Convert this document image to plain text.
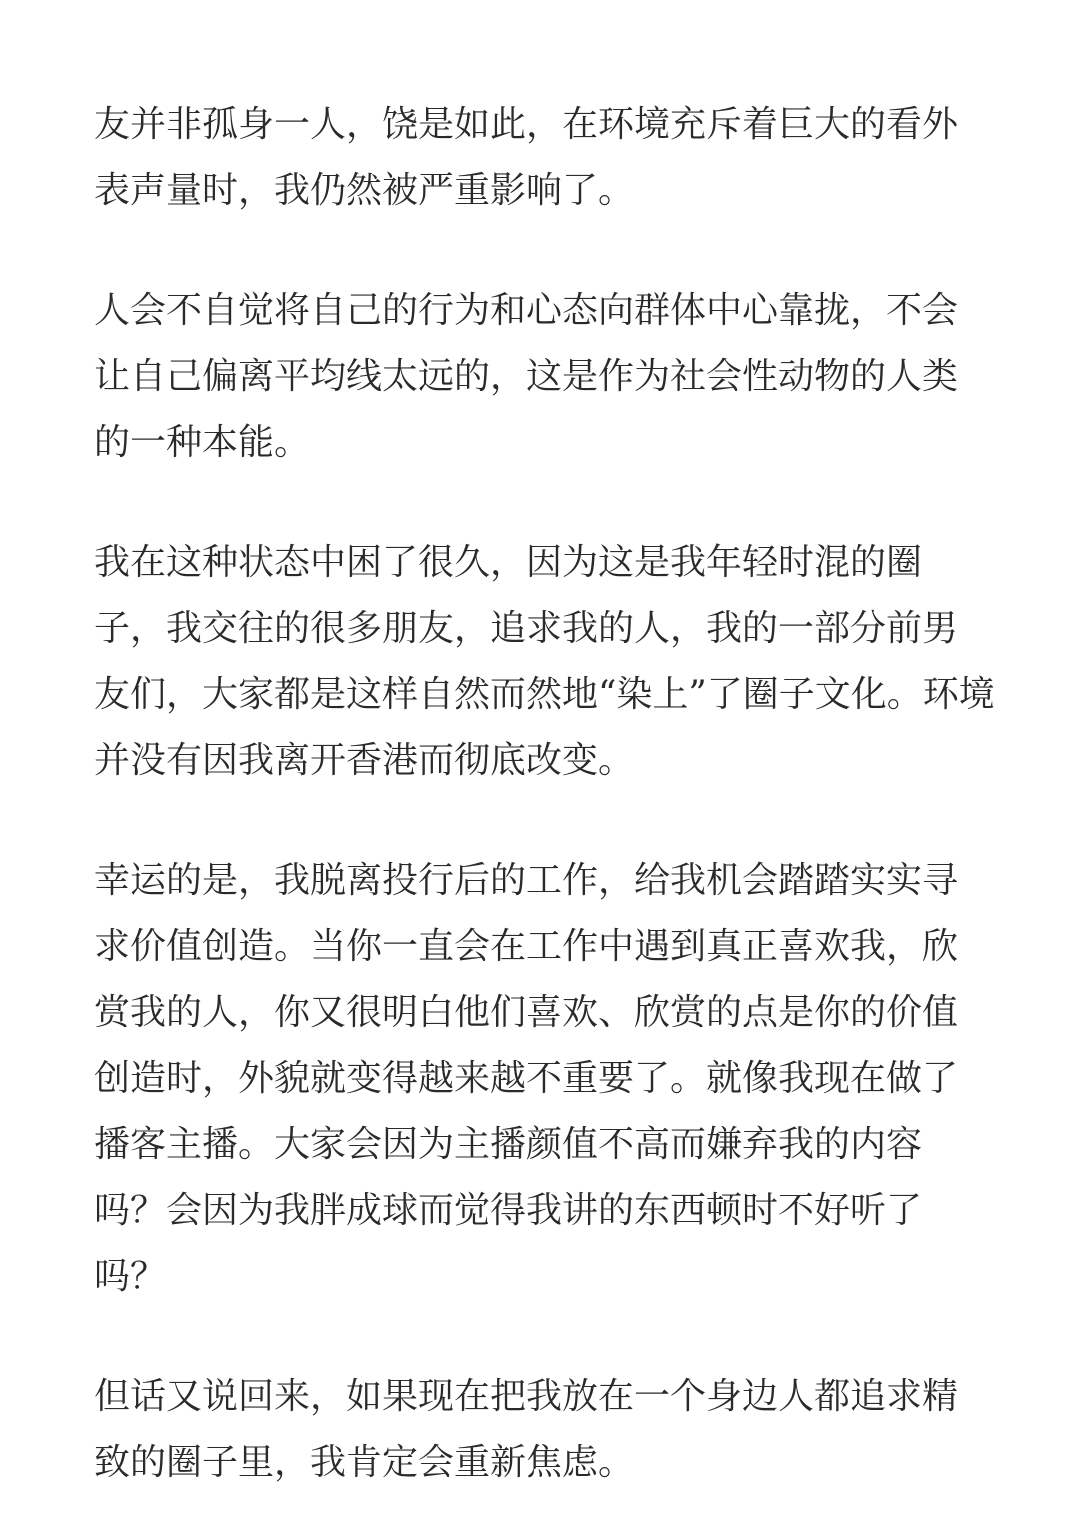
友并非孤身一人，饶是如此，在环境充斥着巨大的看外
表声量时，我仍然被严重影响了。
人会不自觉将自己的行为和心态向群体中心靠拢，不会
让自己偏离平均线太远的，这是作为社会性动物的人类
的一种本能。
我在这种状态中困了很久，因为这是我年轻时混的圈
子，我交往的很多朋友，追求我的人，我的一部分前男
友们，大家都是这样自然而然地“染上”了圈子文化。环境
并没有因我离开香港而彻底改变。
幸运的是，我脱离投行后的工作，给我机会踏踏实实寻
求价值创造。当你一直会在工作中遇到真正喜欢我，欣
赏我的人，你又很明白他们喜欢、欣赏的点是你的价值
创造时，外貌就变得越来越不重要了。就像我现在做了
播客主播。大家会因为主播颜值不高而嫌弃我的内容
吗？会因为我胖成球而觉得我讲的东西顿时不好听了
吗？
但话又说回来，如果现在把我放在一个身边人都追求精
致的圈子里，我肯定会重新焦虑。
